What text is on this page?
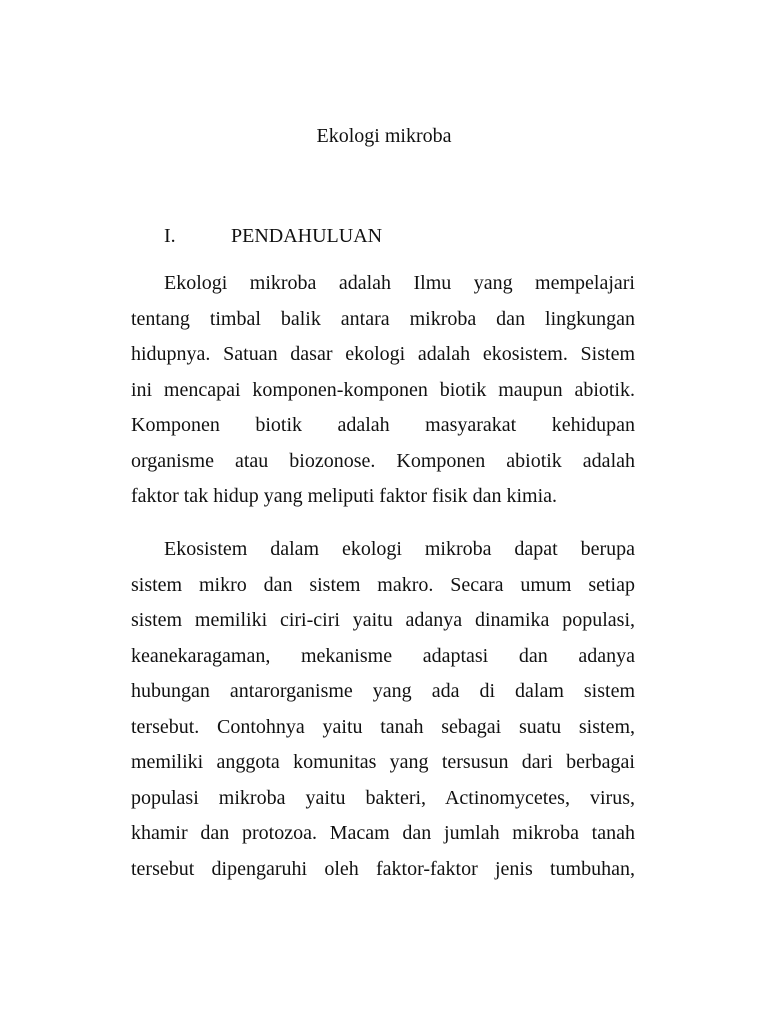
Ekologi mikroba
I.	PENDAHULUAN
Ekologi mikroba adalah Ilmu yang mempelajari
tentang timbal balik antara mikroba dan lingkungan
hidupnya. Satuan dasar ekologi adalah ekosistem. Sistem
ini mencapai komponen-komponen biotik maupun abiotik.
Komponen biotik adalah masyarakat kehidupan
organisme atau biozonose. Komponen abiotik adalah
faktor tak hidup yang meliputi faktor fisik dan kimia.
Ekosistem dalam ekologi mikroba dapat berupa
sistem mikro dan sistem makro. Secara umum setiap
sistem memiliki ciri-ciri yaitu adanya dinamika populasi,
keanekaragaman, mekanisme adaptasi dan adanya
hubungan antarorganisme yang ada di dalam sistem
tersebut. Contohnya yaitu tanah sebagai suatu sistem,
memiliki anggota komunitas yang tersusun dari berbagai
populasi mikroba yaitu bakteri, Actinomycetes, virus,
khamir dan protozoa. Macam dan jumlah mikroba tanah
tersebut dipengaruhi oleh faktor-faktor jenis tumbuhan,
